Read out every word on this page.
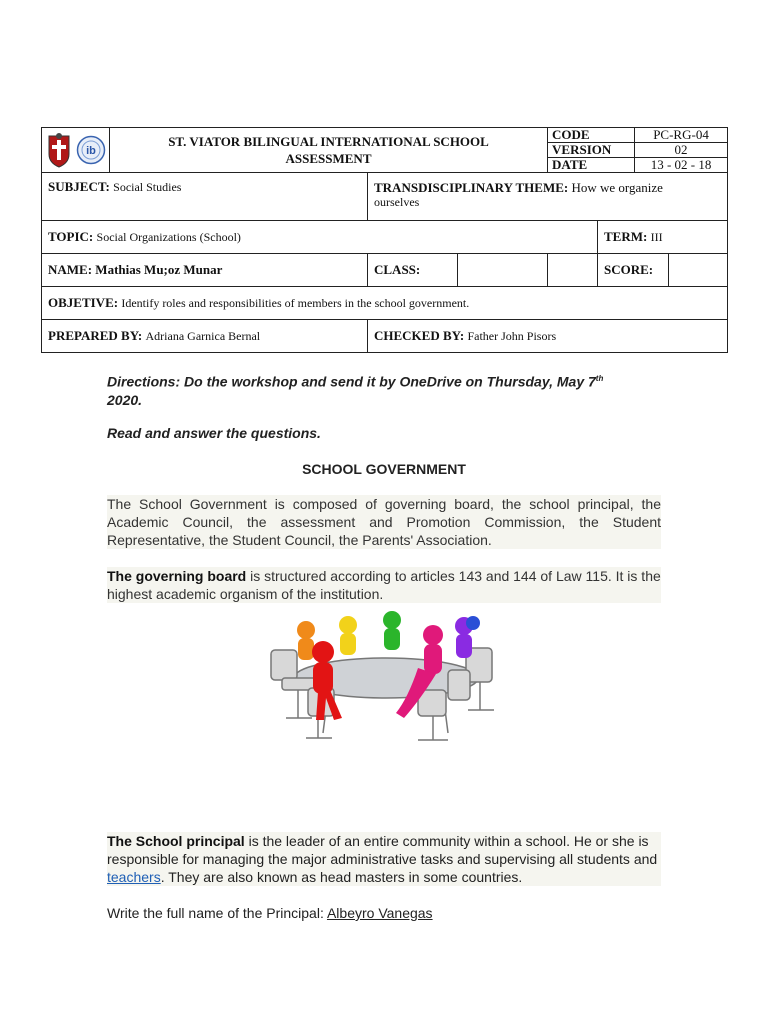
ib

ST. VIATOR BILINGUAL INTERNATIONAL SCHOOL
ASSESSMENT

CODE	PC-RG-04
VERSION	02
DATE	13 - 02 - 18

SUBJECT: Social Studies	TRANSDISCIPLINARY THEME: How we organize
ourselves
TOPIC: Social Organizations (School)	TERM: III
NAME: Mathias Mu;oz Munar	CLASS:		SCORE:

OBJETIVE: Identify roles and responsibilities of members in the school government.
PREPARED BY: Adriana Garnica Bernal	CHECKED BY: Father John Pisors
Directions: Do the workshop and send it by OneDrive on Thursday, May 7th
2020.
Read and answer the questions.
SCHOOL GOVERNMENT
The School Government is composed of governing board, the school principal, the Academic Council, the assessment and Promotion Commission, the Student Representative, the Student Council, the Parents' Association.
The governing board is structured according to articles 143 and 144 of Law 115. It is the highest academic organism of the institution.
The School principal is the leader of an entire community within a school. He or she is responsible for managing the major administrative tasks and supervising all students and teachers. They are also known as head masters in some countries.
Write the full name of the Principal: Albeyro Vanegas
